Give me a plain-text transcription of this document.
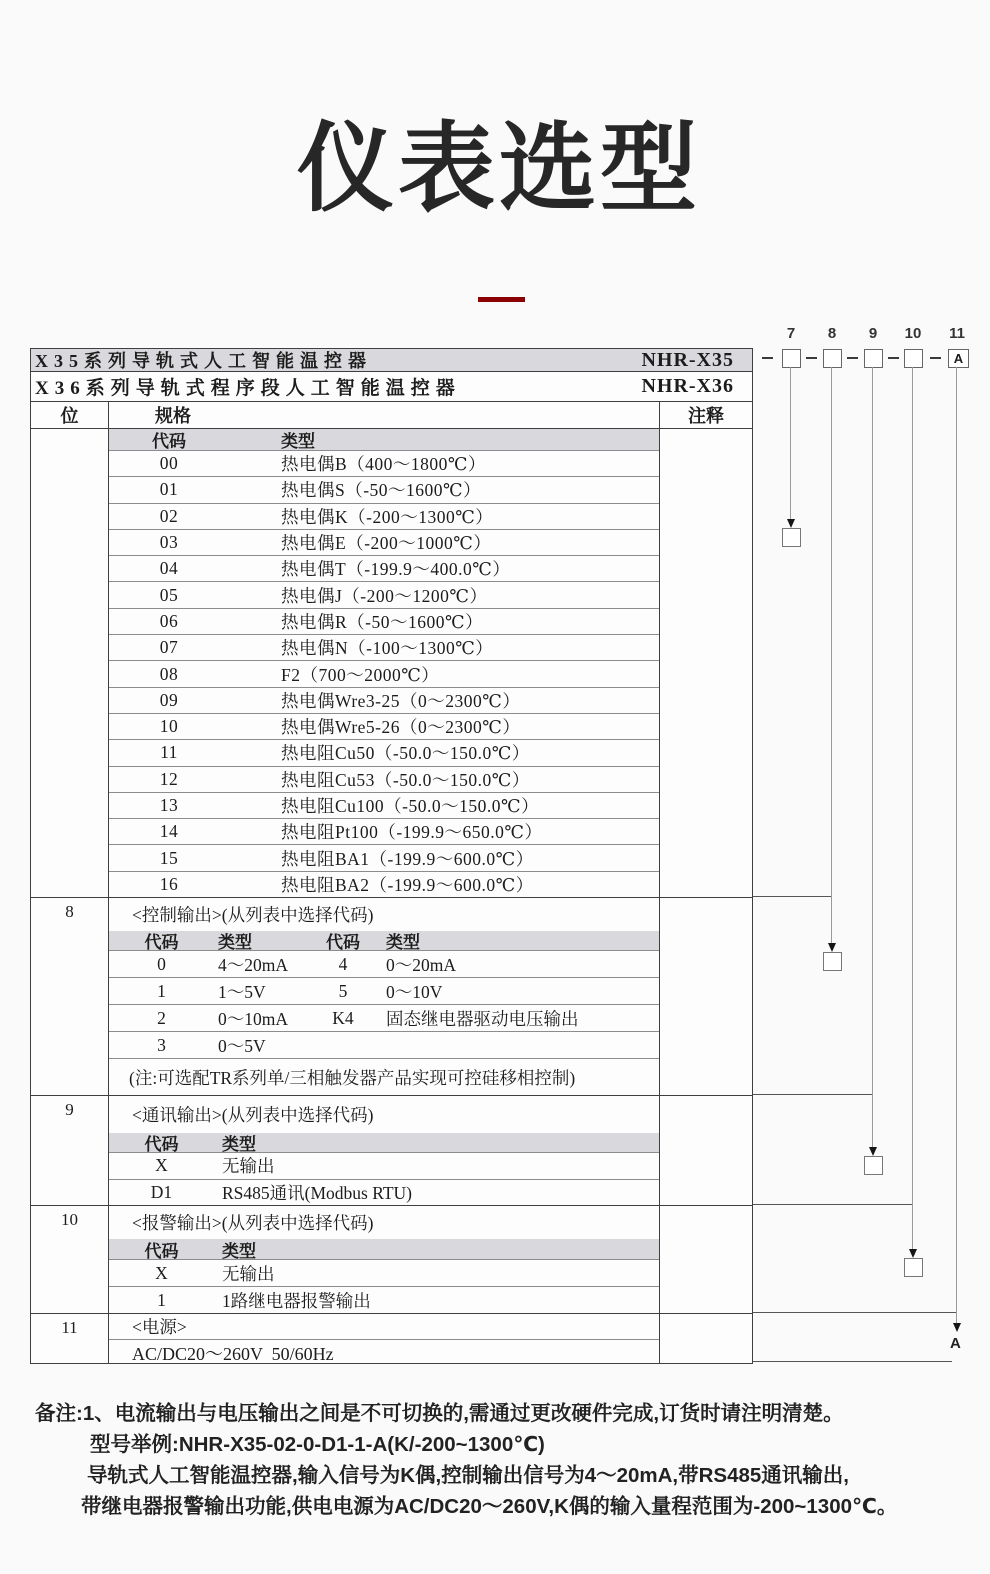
仪表选型
X35系列导轨式人工智能温控器	NHR-X35
X36系列导轨式程序段人工智能温控器	NHR-X36
位	规格	注释
代码	类型
00	热电偶B（400～1800℃）
01	热电偶S（-50～1600℃）
02	热电偶K（-200～1300℃）
03	热电偶E（-200～1000℃）
04	热电偶T（-199.9～400.0℃）
05	热电偶J（-200～1200℃）
06	热电偶R（-50～1600℃）
07	热电偶N（-100～1300℃）
08	F2（700～2000℃）
09	热电偶Wre3-25（0～2300℃）
10	热电偶Wre5-26（0～2300℃）
11	热电阻Cu50（-50.0～150.0℃）
12	热电阻Cu53（-50.0～150.0℃）
13	热电阻Cu100（-50.0～150.0℃）
14	热电阻Pt100（-199.9～650.0℃）
15	热电阻BA1（-199.9～600.0℃）
16	热电阻BA2（-199.9～600.0℃）
8	<控制输出>(从列表中选择代码)
代码	类型	代码	类型
0	4～20mA	4	0～20mA
1	1～5V	5	0～10V
2	0～10mA	K4	固态继电器驱动电压输出
3	0～5V
(注:可选配TR系列单/三相触发器产品实现可控硅移相控制)
9	<通讯输出>(从列表中选择代码)
代码	类型
X	无输出
D1	RS485通讯(Modbus RTU)
10	<报警输出>(从列表中选择代码)
代码	类型
X	无输出
1	1路继电器报警输出
11	<电源>
AC/DC20～260V  50/60Hz
7	8	9	10	11
A
A
备注:1、电流输出与电压输出之间是不可切换的,需通过更改硬件完成,订货时请注明清楚。
型号举例:NHR-X35-02-0-D1-1-A(K/-200~1300℃)
导轨式人工智能温控器,输入信号为K偶,控制输出信号为4～20mA,带RS485通讯输出,
带继电器报警输出功能,供电电源为AC/DC20～260V,K偶的输入量程范围为-200~1300℃。
